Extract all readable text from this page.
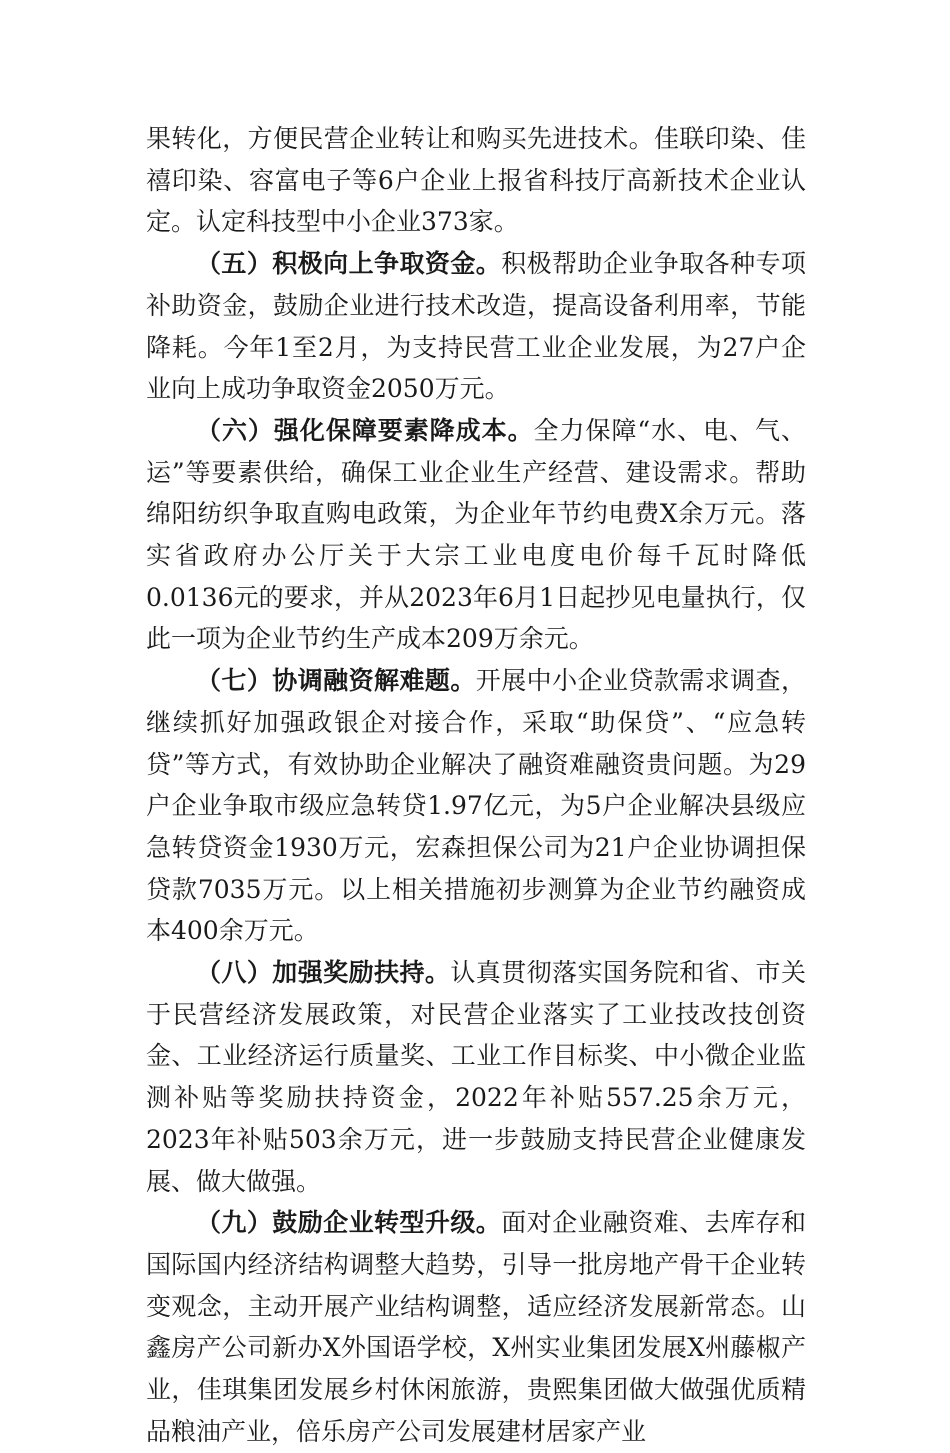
果转化，方便民营企业转让和购买先进技术。佳联印染、佳禧印染、容富电子等6户企业上报省科技厅高新技术企业认定。认定科技型中小企业373家。

（五）积极向上争取资金。积极帮助企业争取各种专项补助资金，鼓励企业进行技术改造，提高设备利用率，节能降耗。今年1至2月，为支持民营工业企业发展，为27户企业向上成功争取资金2050万元。

（六）强化保障要素降成本。全力保障“水、电、气、运”等要素供给，确保工业企业生产经营、建设需求。帮助绵阳纺织争取直购电政策，为企业年节约电费X余万元。落实省政府办公厅关于大宗工业电度电价每千瓦时降低0.0136元的要求，并从2023年6月1日起抄见电量执行，仅此一项为企业节约生产成本209万余元。

（七）协调融资解难题。开展中小企业贷款需求调查，继续抓好加强政银企对接合作，采取“助保贷”、“应急转贷”等方式，有效协助企业解决了融资难融资贵问题。为29户企业争取市级应急转贷1.97亿元，为5户企业解决县级应急转贷资金1930万元，宏森担保公司为21户企业协调担保贷款7035万元。以上相关措施初步测算为企业节约融资成本400余万元。

（八）加强奖励扶持。认真贯彻落实国务院和省、市关于民营经济发展政策，对民营企业落实了工业技改技创资金、工业经济运行质量奖、工业工作目标奖、中小微企业监测补贴等奖励扶持资金，2022年补贴557.25余万元，2023年补贴503余万元，进一步鼓励支持民营企业健康发展、做大做强。

（九）鼓励企业转型升级。面对企业融资难、去库存和国际国内经济结构调整大趋势，引导一批房地产骨干企业转变观念，主动开展产业结构调整，适应经济发展新常态。山鑫房产公司新办X外国语学校，X州实业集团发展X州藤椒产业，佳琪集团发展乡村休闲旅游，贵熙集团做大做强优质精品粮油产业，倍乐房产公司发展建材居家产业
